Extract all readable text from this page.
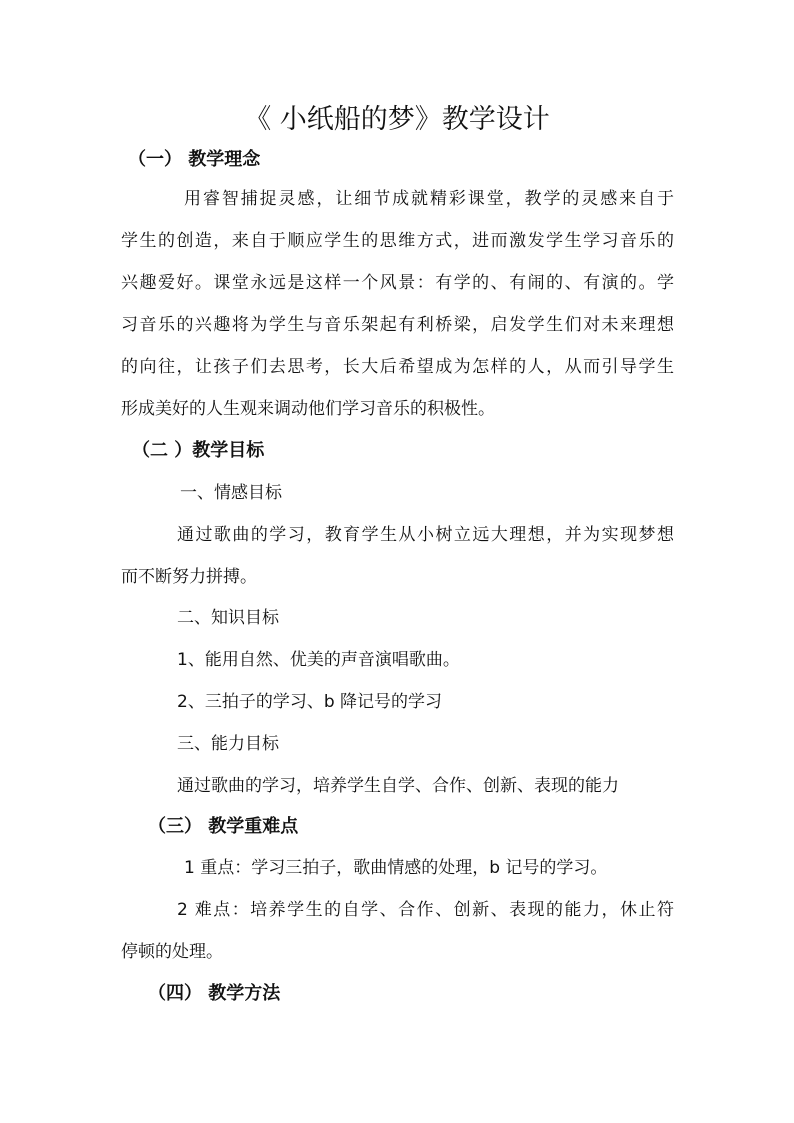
《 小纸船的梦》教学设计
（一） 教学理念
用睿智捕捉灵感，让细节成就精彩课堂，教学的灵感来自于
学生的创造，来自于顺应学生的思维方式，进而激发学生学习音乐的
兴趣爱好。课堂永远是这样一个风景：有学的、有闹的、有演的。学
习音乐的兴趣将为学生与音乐架起有利桥梁，启发学生们对未来理想
的向往，让孩子们去思考，长大后希望成为怎样的人，从而引导学生
形成美好的人生观来调动他们学习音乐的积极性。
（二 ）教学目标
一、情感目标
通过歌曲的学习，教育学生从小树立远大理想，并为实现梦想
而不断努力拼搏。
二、知识目标
1、能用自然、优美的声音演唱歌曲。
2、三拍子的学习、b 降记号的学习
三、能力目标
通过歌曲的学习，培养学生自学、合作、创新、表现的能力
（三） 教学重难点
1 重点：学习三拍子，歌曲情感的处理，b 记号的学习。
2 难点：培养学生的自学、合作、创新、表现的能力，休止符
停顿的处理。
（四） 教学方法
